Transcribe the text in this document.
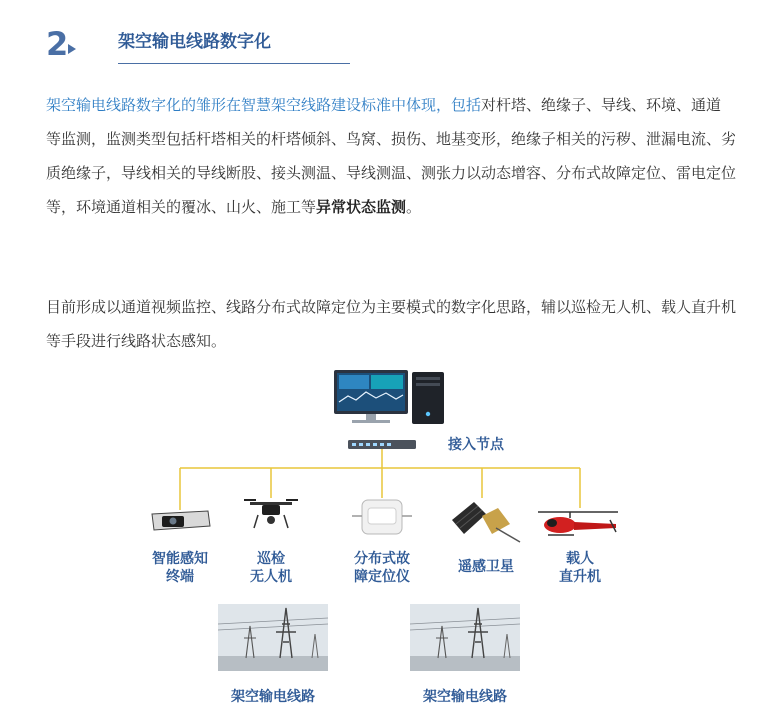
2	架空输电线路数字化

架空输电线路数字化的雏形在智慧架空线路建设标准中体现，包括对杆塔、绝缘子、导线、环境、通道等监测，监测类型包括杆塔相关的杆塔倾斜、鸟窝、损伤、地基变形，绝缘子相关的污秽、泄漏电流、劣质绝缘子，导线相关的导线断股、接头测温、导线测温、测张力以动态增容、分布式故障定位、雷电定位等，环境通道相关的覆冰、山火、施工等异常状态监测。

目前形成以通道视频监控、线路分布式故障定位为主要模式的数字化思路，辅以巡检无人机、载人直升机等手段进行线路状态感知。

接入节点
智能感知
终端
巡检
无人机
分布式故
障定位仪
遥感卫星	载人
直升机
架空输电线路	架空输电线路
